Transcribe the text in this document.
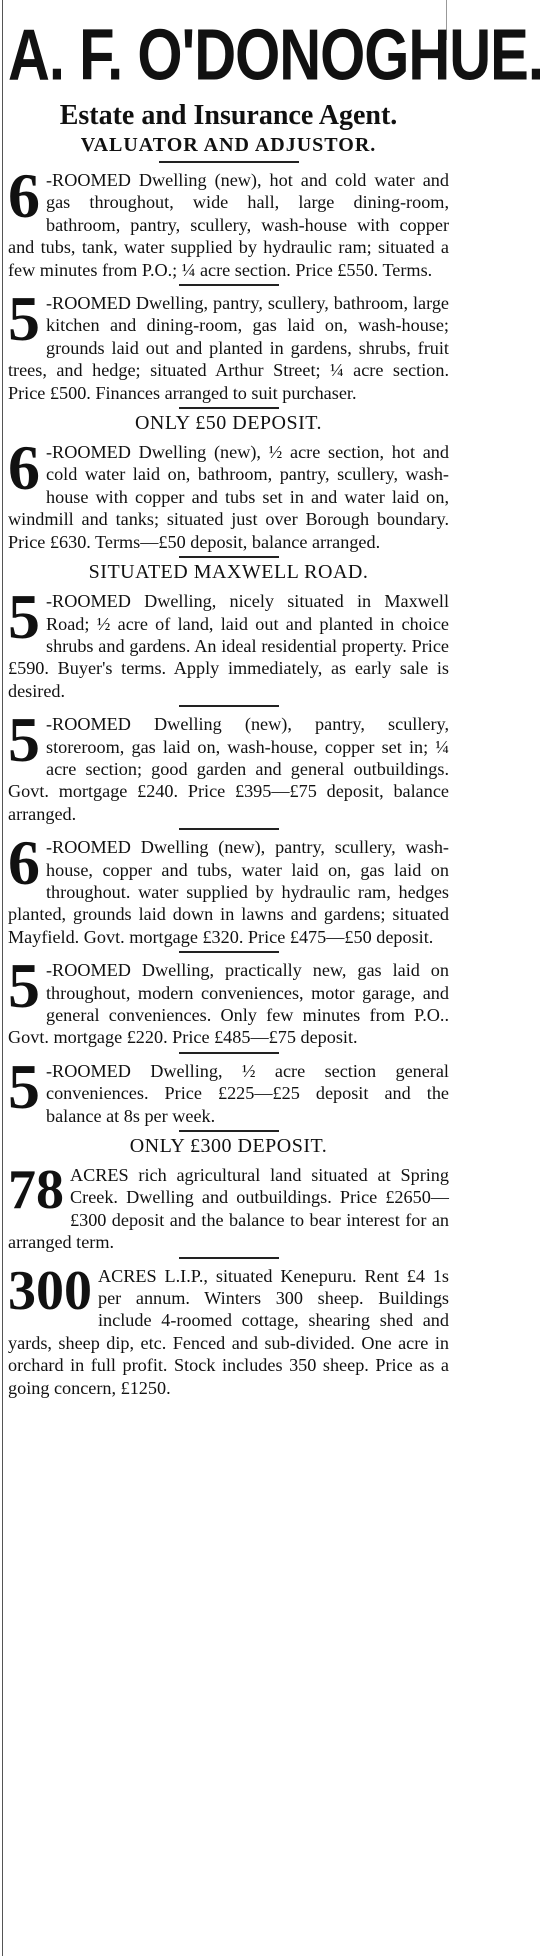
A. F. O'DONOGHUE.
Estate and Insurance Agent.
VALUATOR AND ADJUSTOR.
6 -ROOMED Dwelling (new), hot and cold water and gas throughout, wide hall, large dining-room, bathroom, pantry, scullery, wash-house with copper and tubs, tank, water supplied by hydraulic ram; situated a few minutes from P.O.; ¼ acre section. Price £550. Terms.

5 -ROOMED Dwelling, pantry, scullery, bathroom, large kitchen and dining-room, gas laid on, wash-house; grounds laid out and planted in gardens, shrubs, fruit trees, and hedge; situated Arthur Street; ¼ acre section. Price £500. Finances arranged to suit purchaser.

ONLY £50 DEPOSIT.
6 -ROOMED Dwelling (new), ½ acre section, hot and cold water laid on, bathroom, pantry, scullery, wash-house with copper and tubs set in and water laid on, windmill and tanks; situated just over Borough boundary. Price £630. Terms—£50 deposit, balance arranged.

SITUATED MAXWELL ROAD.
5 -ROOMED Dwelling, nicely situated in Maxwell Road; ½ acre of land, laid out and planted in choice shrubs and gardens. An ideal residential property. Price £590. Buyer's terms. Apply immediately, as early sale is desired.

5 -ROOMED Dwelling (new), pantry, scullery, storeroom, gas laid on, wash-house, copper set in; ¼ acre section; good garden and general outbuildings. Govt. mortgage £240. Price £395—£75 deposit, balance arranged.

6 -ROOMED Dwelling (new), pantry, scullery, wash-house, copper and tubs, water laid on, gas laid on throughout. water supplied by hydraulic ram, hedges planted, grounds laid down in lawns and gardens; situated Mayfield. Govt. mortgage £320. Price £475—£50 deposit.

5 -ROOMED Dwelling, practically new, gas laid on throughout, modern conveniences, motor garage, and general conveniences. Only few minutes from P.O.. Govt. mortgage £220. Price £485—£75 deposit.

5 -ROOMED Dwelling, ½ acre section general conveniences. Price £225—£25 deposit and the balance at 8s per week.

ONLY £300 DEPOSIT.
78 ACRES rich agricultural land situated at Spring Creek. Dwelling and outbuildings. Price £2650—£300 deposit and the balance to bear interest for an arranged term.

300 ACRES L.I.P., situated Kenepuru. Rent £4 1s per annum. Winters 300 sheep. Buildings include 4-roomed cottage, shearing shed and yards, sheep dip, etc. Fenced and sub-divided. One acre in orchard in full profit. Stock includes 350 sheep. Price as a going concern, £1250.
